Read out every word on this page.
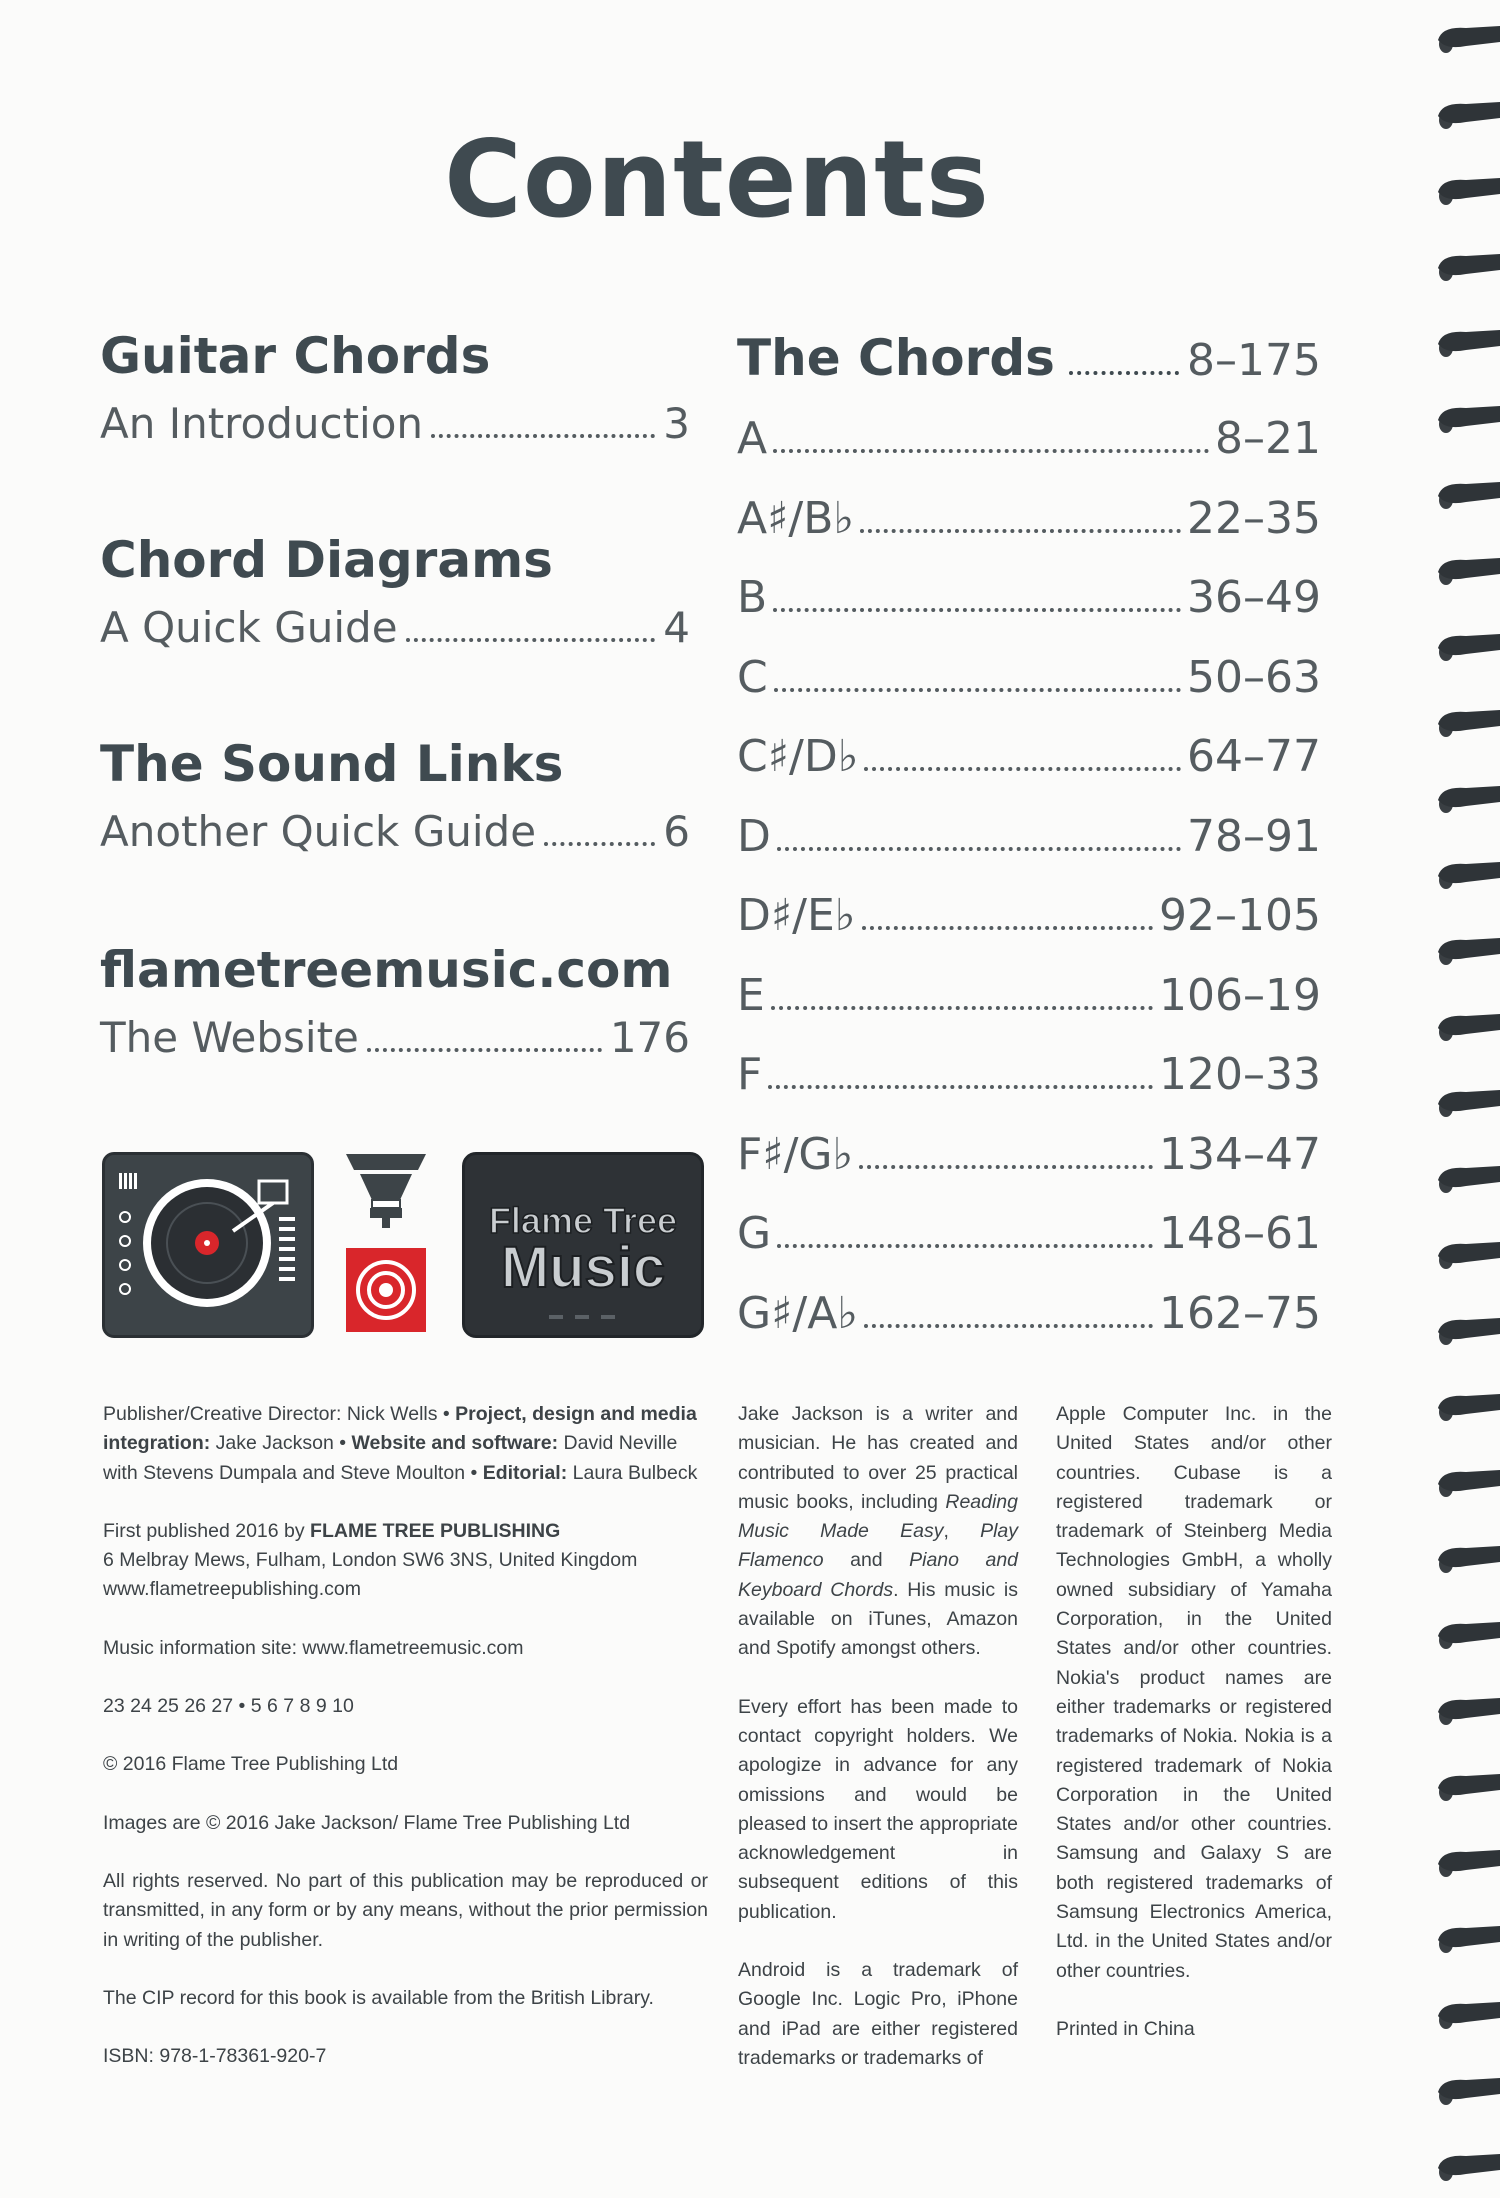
Contents
Guitar Chords
An Introduction	3
Chord Diagrams
A Quick Guide	4
The Sound Links
Another Quick Guide	6
flametreemusic.com
The Website	176
The Chords	8–175
A	8–21
A♯/B♭	22–35
B	36–49
C	50–63
C♯/D♭	64–77
D	78–91
D♯/E♭	92–105
E	106–19
F	120–33
F♯/G♭	134–47
G	148–61
G♯/A♭	162–75
Flame Tree
Music

Publisher/Creative Director: Nick Wells • Project, design and media integration: Jake Jackson • Website and software: David Neville with Stevens Dumpala and Steve Moulton • Editorial: Laura Bulbeck

First published 2016 by FLAME TREE PUBLISHING
6 Melbray Mews, Fulham, London SW6 3NS, United Kingdom
www.flametreepublishing.com

Music information site: www.flametreemusic.com

23 24 25 26 27 • 5 6 7 8 9 10

© 2016 Flame Tree Publishing Ltd

Images are © 2016 Jake Jackson/ Flame Tree Publishing Ltd

All rights reserved. No part of this publication may be reproduced or transmitted, in any form or by any means, without the prior permission in writing of the publisher.

The CIP record for this book is available from the British Library.

ISBN: 978-1-78361-920-7

Jake Jackson is a writer and musician. He has created and contributed to over 25 practical music books, including Reading Music Made Easy, Play Flamenco and Piano and Keyboard Chords. His music is available on iTunes, Amazon and Spotify amongst others.

Every effort has been made to contact copyright holders. We apologize in advance for any omissions and would be pleased to insert the appropriate acknowledgement in subsequent editions of this publication.

Android is a trademark of Google Inc. Logic Pro, iPhone and iPad are either registered trademarks or trademarks of

Apple Computer Inc. in the United States and/or other countries. Cubase is a registered trademark or trademark of Steinberg Media Technologies GmbH, a wholly owned subsidiary of Yamaha Corporation, in the United States and/or other countries. Nokia's product names are either trademarks or registered trademarks of Nokia. Nokia is a registered trademark of Nokia Corporation in the United States and/or other countries. Samsung and Galaxy S are both registered trademarks of Samsung Electronics America, Ltd. in the United States and/or other countries.

Printed in China
